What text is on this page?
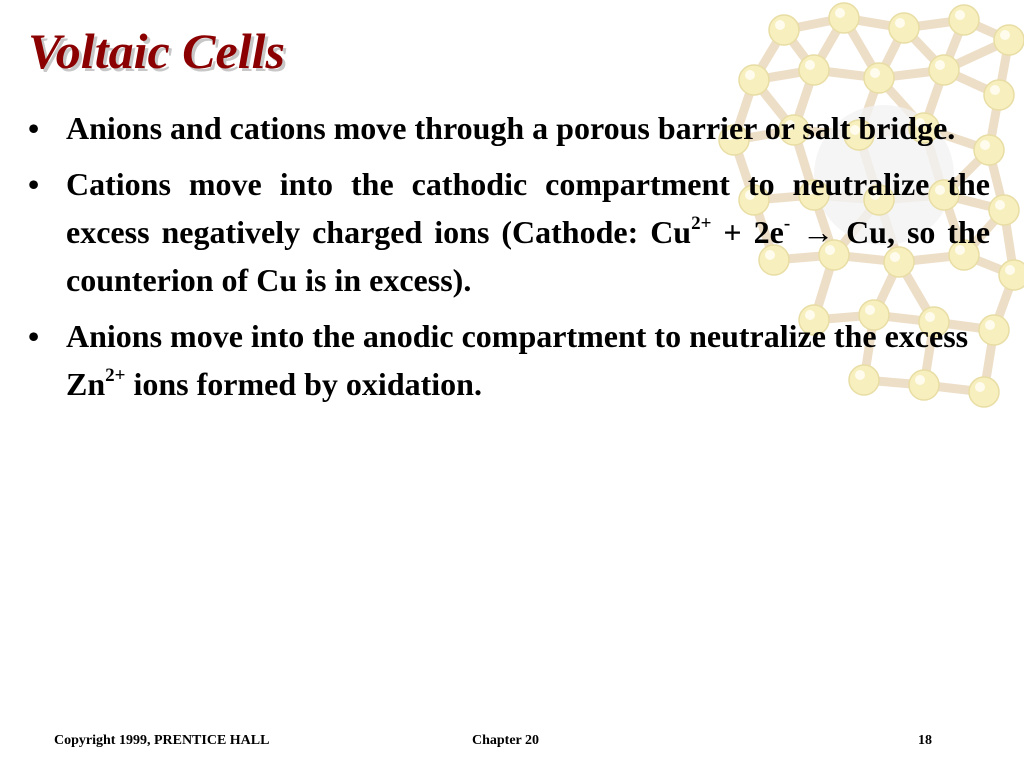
Voltaic Cells
• Anions and cations move through a porous barrier or salt bridge.
• Cations move into the cathodic compartment to neutralize the excess negatively charged ions (Cathode: $Cu^{2+} + 2e^- \to Cu$, so the counterion of Cu is in excess).
• Anions move into the anodic compartment to neutralize the excess $Zn^{2+}$ ions formed by oxidation.
Copyright 1999, PRENTICE HALL	Chapter 20	18
